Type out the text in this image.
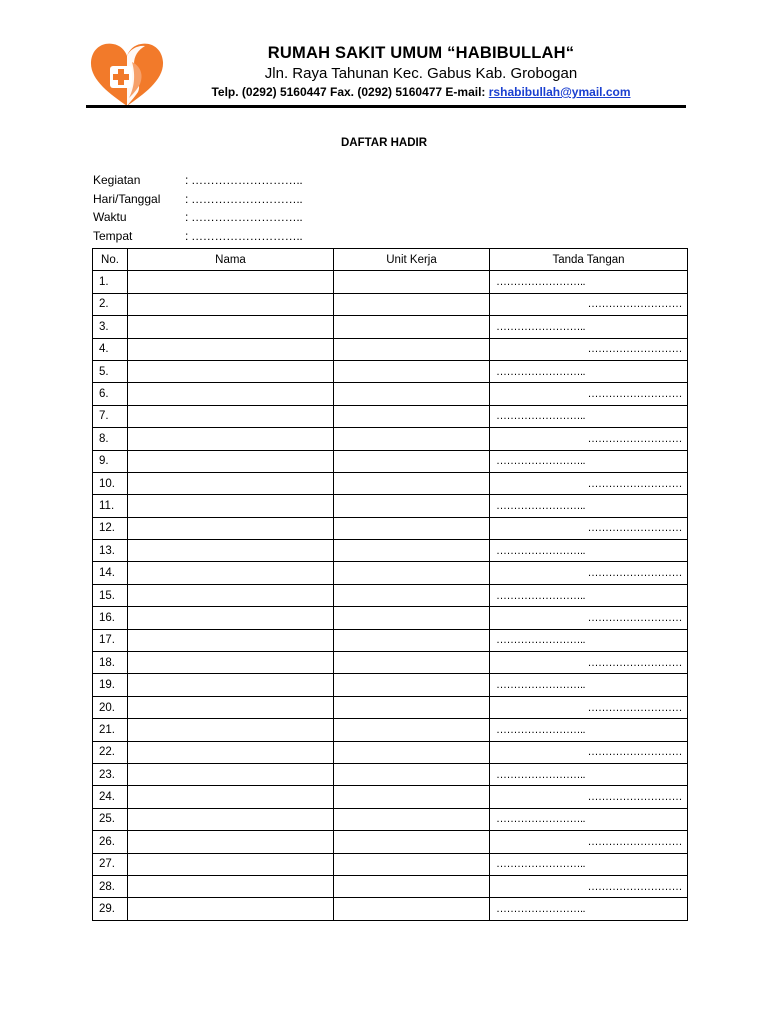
RUMAH SAKIT UMUM “HABIBULLAH“
Jln. Raya Tahunan Kec. Gabus Kab. Grobogan
Telp. (0292) 5160447 Fax. (0292) 5160477 E-mail: rshabibullah@ymail.com
DAFTAR HADIR
Kegiatan	: ………………………..
Hari/Tanggal	: ………………………..
Waktu	: ………………………..
Tempat	: ………………………..
No.	Nama	Unit Kerja	Tanda Tangan
1.			……………………..
2.			………………………
3.			……………………..
4.			………………………
5.			……………………..
6.			………………………
7.			……………………..
8.			………………………
9.			……………………..
10.			………………………
11.			……………………..
12.			………………………
13.			……………………..
14.			………………………
15.			……………………..
16.			………………………
17.			……………………..
18.			………………………
19.			……………………..
20.			………………………
21.			……………………..
22.			………………………
23.			……………………..
24.			………………………
25.			……………………..
26.			………………………
27.			……………………..
28.			………………………
29.			……………………..
